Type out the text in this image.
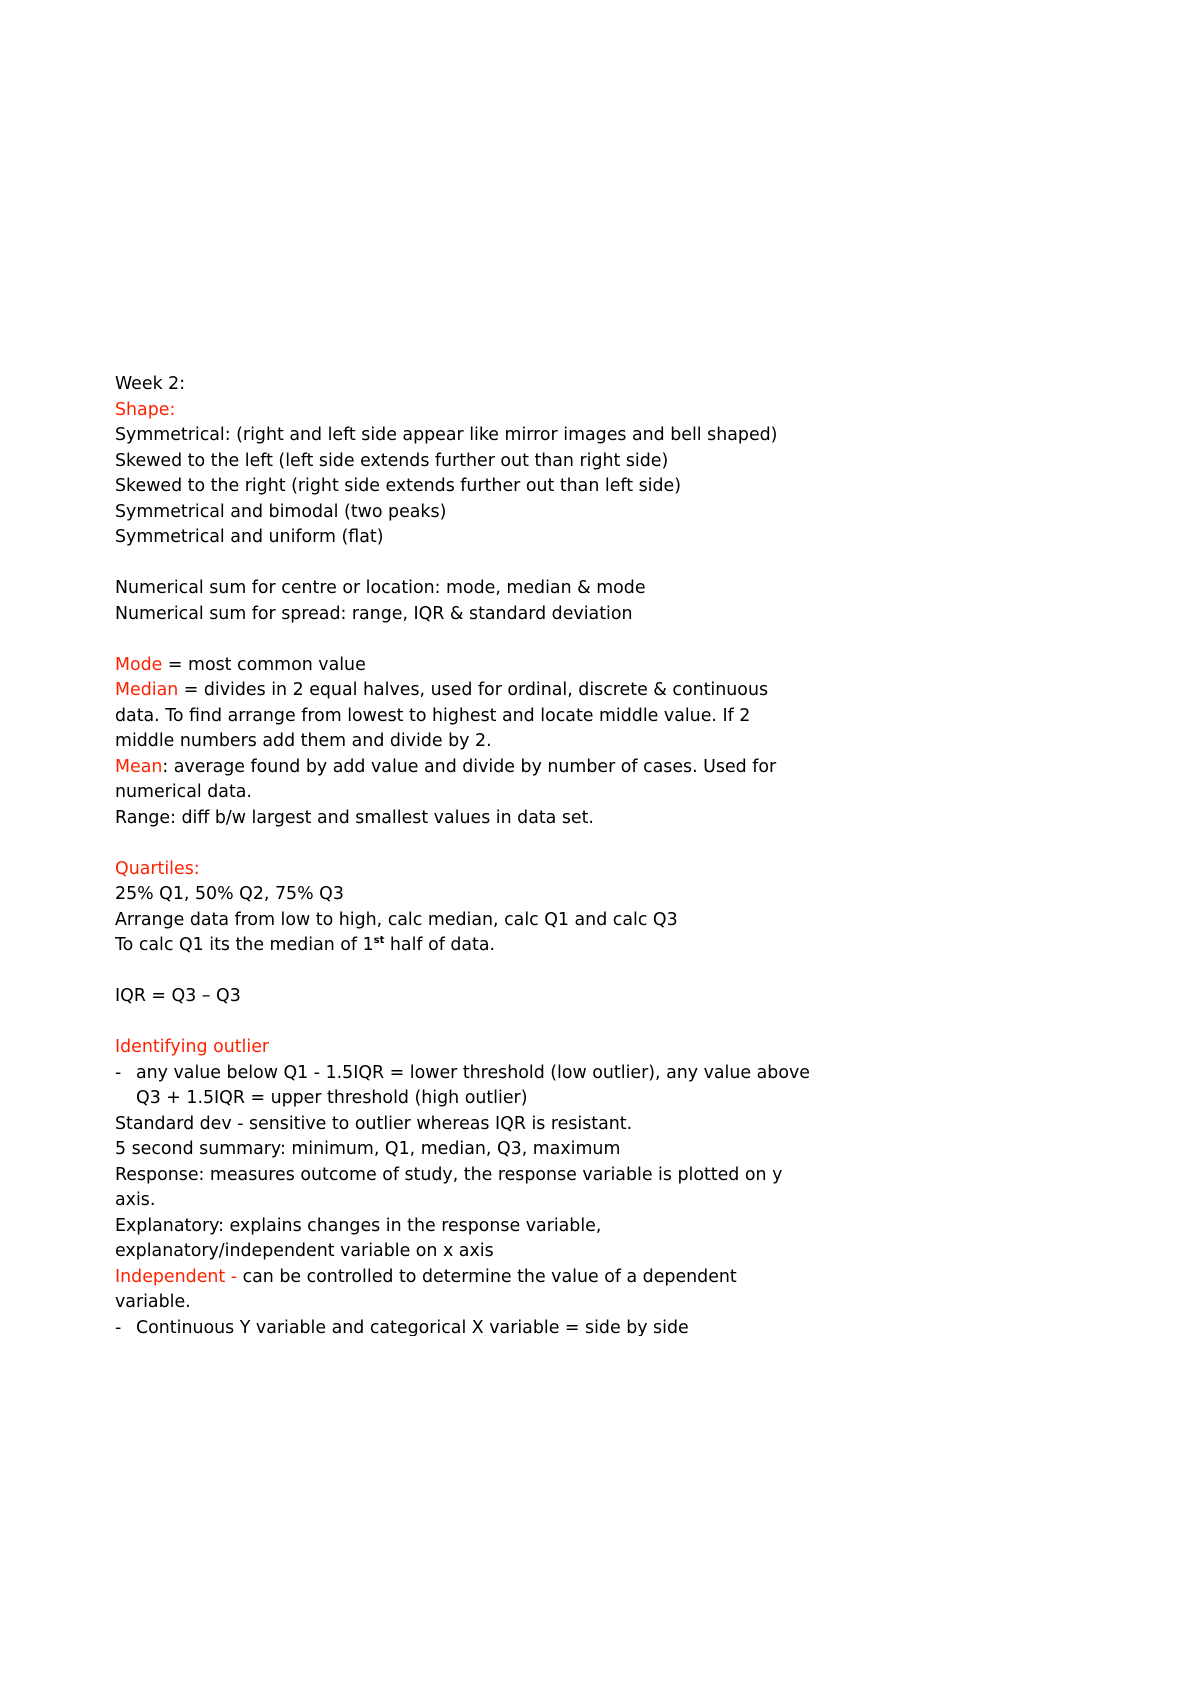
Week 2:
Shape:
Symmetrical: (right and left side appear like mirror images and bell shaped)
Skewed to the left (left side extends further out than right side)
Skewed to the right (right side extends further out than left side)
Symmetrical and bimodal (two peaks)
Symmetrical and uniform (flat)
Numerical sum for centre or location: mode, median & mode
Numerical sum for spread: range, IQR & standard deviation
Mode = most common value
Median = divides in 2 equal halves, used for ordinal, discrete & continuous
data. To find arrange from lowest to highest and locate middle value. If 2
middle numbers add them and divide by 2.
Mean: average found by add value and divide by number of cases. Used for
numerical data.
Range: diff b/w largest and smallest values in data set.
Quartiles:
25% Q1, 50% Q2, 75% Q3
Arrange data from low to high, calc median, calc Q1 and calc Q3
To calc Q1 its the median of 1st half of data.
IQR = Q3 – Q3
Identifying outlier
- any value below Q1 - 1.5IQR = lower threshold (low outlier), any value above
Q3 + 1.5IQR = upper threshold (high outlier)
Standard dev - sensitive to outlier whereas IQR is resistant.
5 second summary: minimum, Q1, median, Q3, maximum
Response: measures outcome of study, the response variable is plotted on y
axis.
Explanatory: explains changes in the response variable,
explanatory/independent variable on x axis
Independent - can be controlled to determine the value of a dependent
variable.
- Continuous Y variable and categorical X variable = side by side
